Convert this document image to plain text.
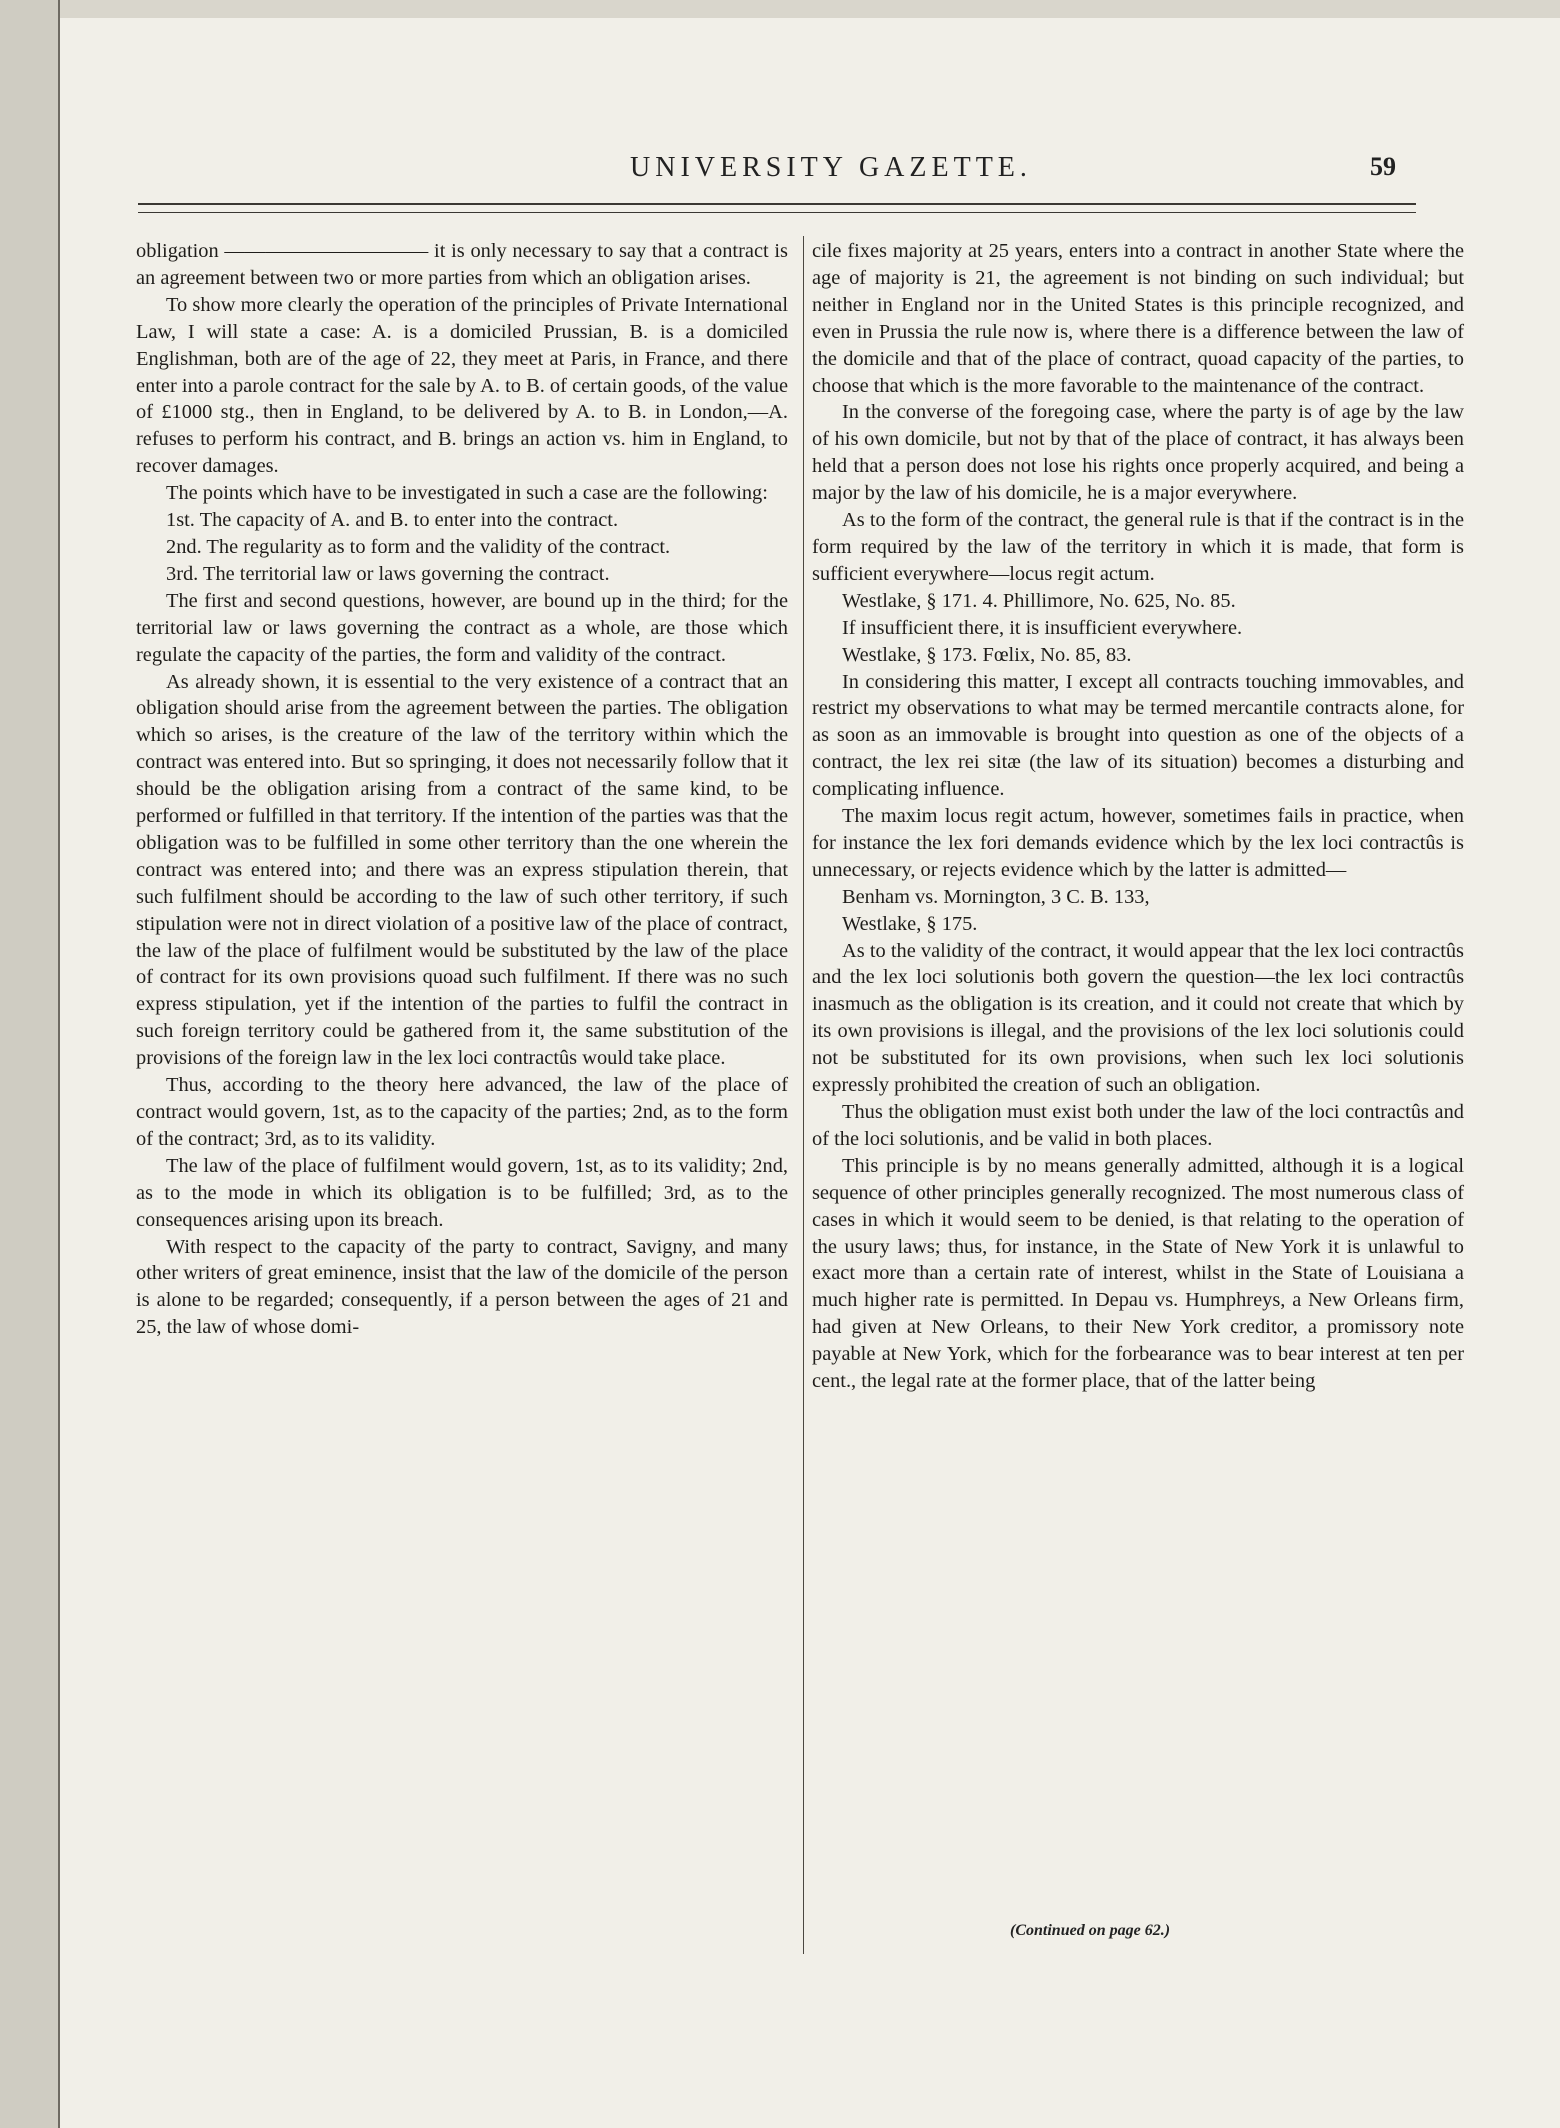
UNIVERSITY GAZETTE.	59

obligation —————————— it is only necessary to say that a contract is an agreement between two or more parties from which an obligation arises.

To show more clearly the operation of the principles of Private International Law, I will state a case: A. is a domiciled Prussian, B. is a domiciled Englishman, both are of the age of 22, they meet at Paris, in France, and there enter into a parole contract for the sale by A. to B. of certain goods, of the value of £1000 stg., then in England, to be delivered by A. to B. in London,—A. refuses to perform his contract, and B. brings an action vs. him in England, to recover damages.

The points which have to be investigated in such a case are the following:

1st. The capacity of A. and B. to enter into the contract.

2nd. The regularity as to form and the validity of the contract.

3rd. The territorial law or laws governing the contract.

The first and second questions, however, are bound up in the third; for the territorial law or laws governing the contract as a whole, are those which regulate the capacity of the parties, the form and validity of the contract.

As already shown, it is essential to the very existence of a contract that an obligation should arise from the agreement between the parties. The obligation which so arises, is the creature of the law of the territory within which the contract was entered into. But so springing, it does not necessarily follow that it should be the obligation arising from a contract of the same kind, to be performed or fulfilled in that territory. If the intention of the parties was that the obligation was to be fulfilled in some other territory than the one wherein the contract was entered into; and there was an express stipulation therein, that such fulfilment should be according to the law of such other territory, if such stipulation were not in direct violation of a positive law of the place of contract, the law of the place of fulfilment would be substituted by the law of the place of contract for its own provisions quoad such fulfilment. If there was no such express stipulation, yet if the intention of the parties to fulfil the contract in such foreign territory could be gathered from it, the same substitution of the provisions of the foreign law in the lex loci contractûs would take place.

Thus, according to the theory here advanced, the law of the place of contract would govern, 1st, as to the capacity of the parties; 2nd, as to the form of the contract; 3rd, as to its validity.

The law of the place of fulfilment would govern, 1st, as to its validity; 2nd, as to the mode in which its obligation is to be fulfilled; 3rd, as to the consequences arising upon its breach.

With respect to the capacity of the party to contract, Savigny, and many other writers of great eminence, insist that the law of the domicile of the person is alone to be regarded; consequently, if a person between the ages of 21 and 25, the law of whose domi-

cile fixes majority at 25 years, enters into a contract in another State where the age of majority is 21, the agreement is not binding on such individual; but neither in England nor in the United States is this principle recognized, and even in Prussia the rule now is, where there is a difference between the law of the domicile and that of the place of contract, quoad capacity of the parties, to choose that which is the more favorable to the maintenance of the contract.

In the converse of the foregoing case, where the party is of age by the law of his own domicile, but not by that of the place of contract, it has always been held that a person does not lose his rights once properly acquired, and being a major by the law of his domicile, he is a major everywhere.

As to the form of the contract, the general rule is that if the contract is in the form required by the law of the territory in which it is made, that form is sufficient everywhere—locus regit actum.

Westlake, § 171. 4. Phillimore, No. 625, No. 85.

If insufficient there, it is insufficient everywhere.

Westlake, § 173. Fœlix, No. 85, 83.

In considering this matter, I except all contracts touching immovables, and restrict my observations to what may be termed mercantile contracts alone, for as soon as an immovable is brought into question as one of the objects of a contract, the lex rei sitæ (the law of its situation) becomes a disturbing and complicating influence.

The maxim locus regit actum, however, sometimes fails in practice, when for instance the lex fori demands evidence which by the lex loci contractûs is unnecessary, or rejects evidence which by the latter is admitted—

Benham vs. Mornington, 3 C. B. 133,

Westlake, § 175.

As to the validity of the contract, it would appear that the lex loci contractûs and the lex loci solutionis both govern the question—the lex loci contractûs inasmuch as the obligation is its creation, and it could not create that which by its own provisions is illegal, and the provisions of the lex loci solutionis could not be substituted for its own provisions, when such lex loci solutionis expressly prohibited the creation of such an obligation.

Thus the obligation must exist both under the law of the loci contractûs and of the loci solutionis, and be valid in both places.

This principle is by no means generally admitted, although it is a logical sequence of other principles generally recognized. The most numerous class of cases in which it would seem to be denied, is that relating to the operation of the usury laws; thus, for instance, in the State of New York it is unlawful to exact more than a certain rate of interest, whilst in the State of Louisiana a much higher rate is permitted. In Depau vs. Humphreys, a New Orleans firm, had given at New Orleans, to their New York creditor, a promissory note payable at New York, which for the forbearance was to bear interest at ten per cent., the legal rate at the former place, that of the latter being

(Continued on page 62.)
